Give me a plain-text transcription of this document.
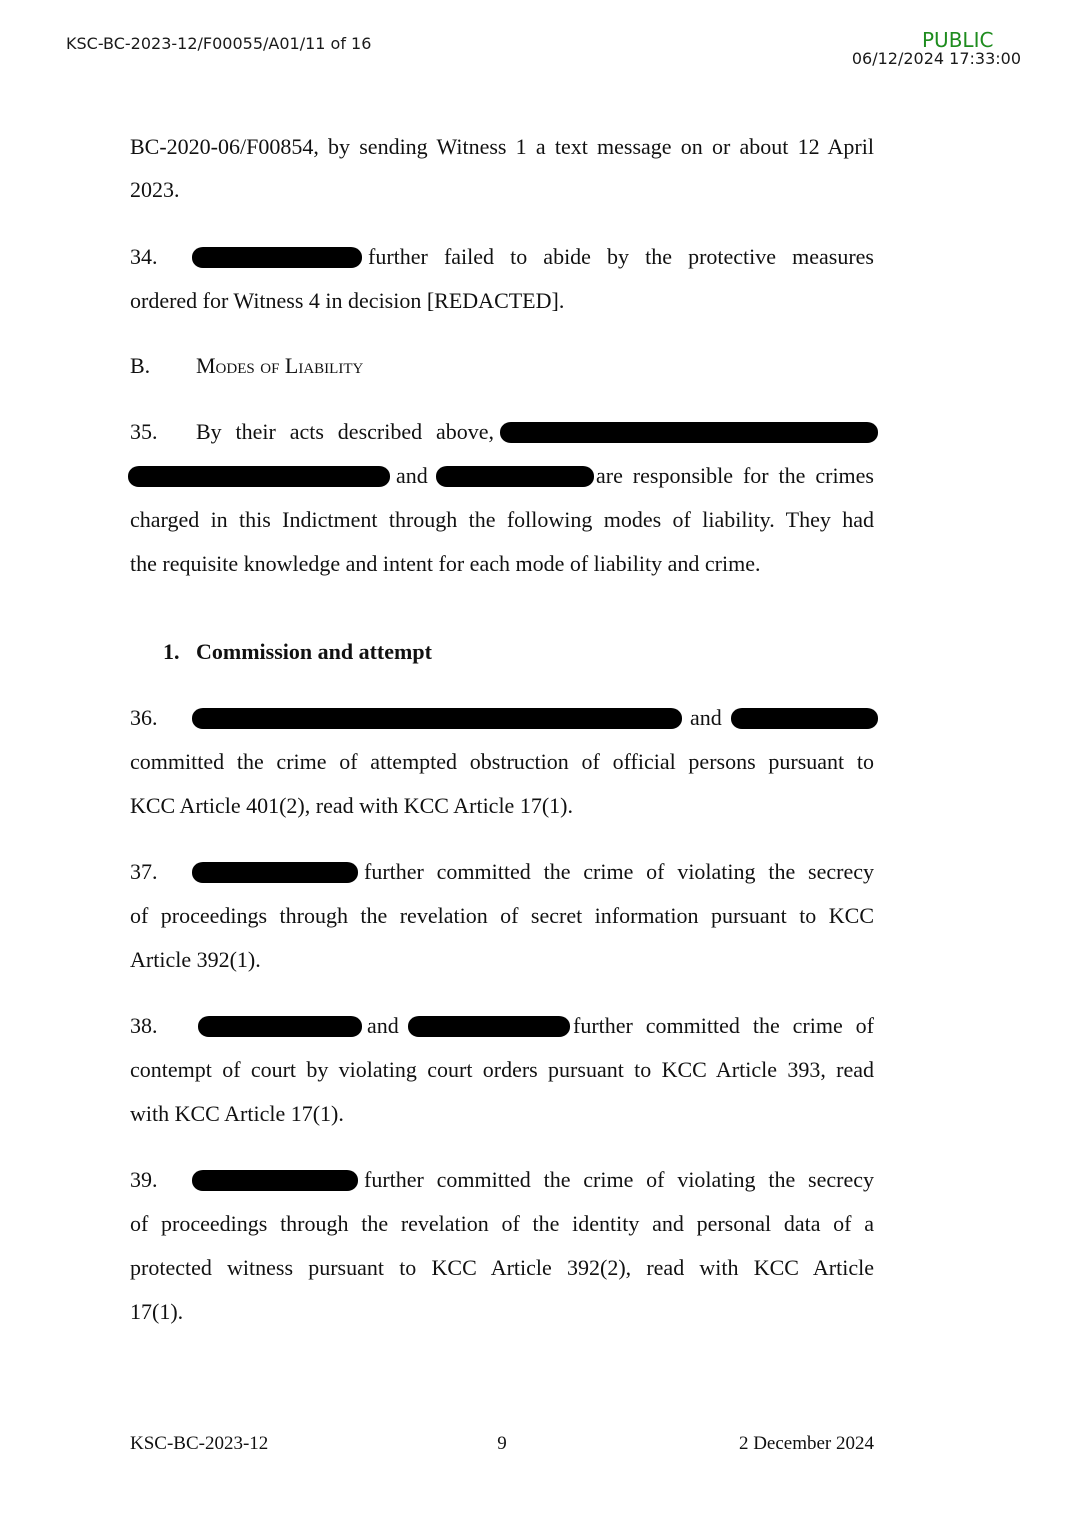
KSC-BC-2023-12/F00055/A01/11 of 16	PUBLIC
06/12/2024 17:33:00
BC-2020-06/F00854, by sending Witness 1 a text message on or about 12 April
2023.
34.	further failed to abide by the protective measures
ordered for Witness 4 in decision [REDACTED].
B. Modes of Liability
35. By their acts described above,
and	are responsible for the crimes
charged in this Indictment through the following modes of liability. They had
the requisite knowledge and intent for each mode of liability and crime.
1. Commission and attempt
36.	and
committed the crime of attempted obstruction of official persons pursuant to
KCC Article 401(2), read with KCC Article 17(1).
37.	further committed the crime of violating the secrecy
of proceedings through the revelation of secret information pursuant to KCC
Article 392(1).
38.	and	further committed the crime of
contempt of court by violating court orders pursuant to KCC Article 393, read
with KCC Article 17(1).
39.	further committed the crime of violating the secrecy
of proceedings through the revelation of the identity and personal data of a
protected witness pursuant to KCC Article 392(2), read with KCC Article
17(1).
KSC-BC-2023-12	9	2 December 2024
